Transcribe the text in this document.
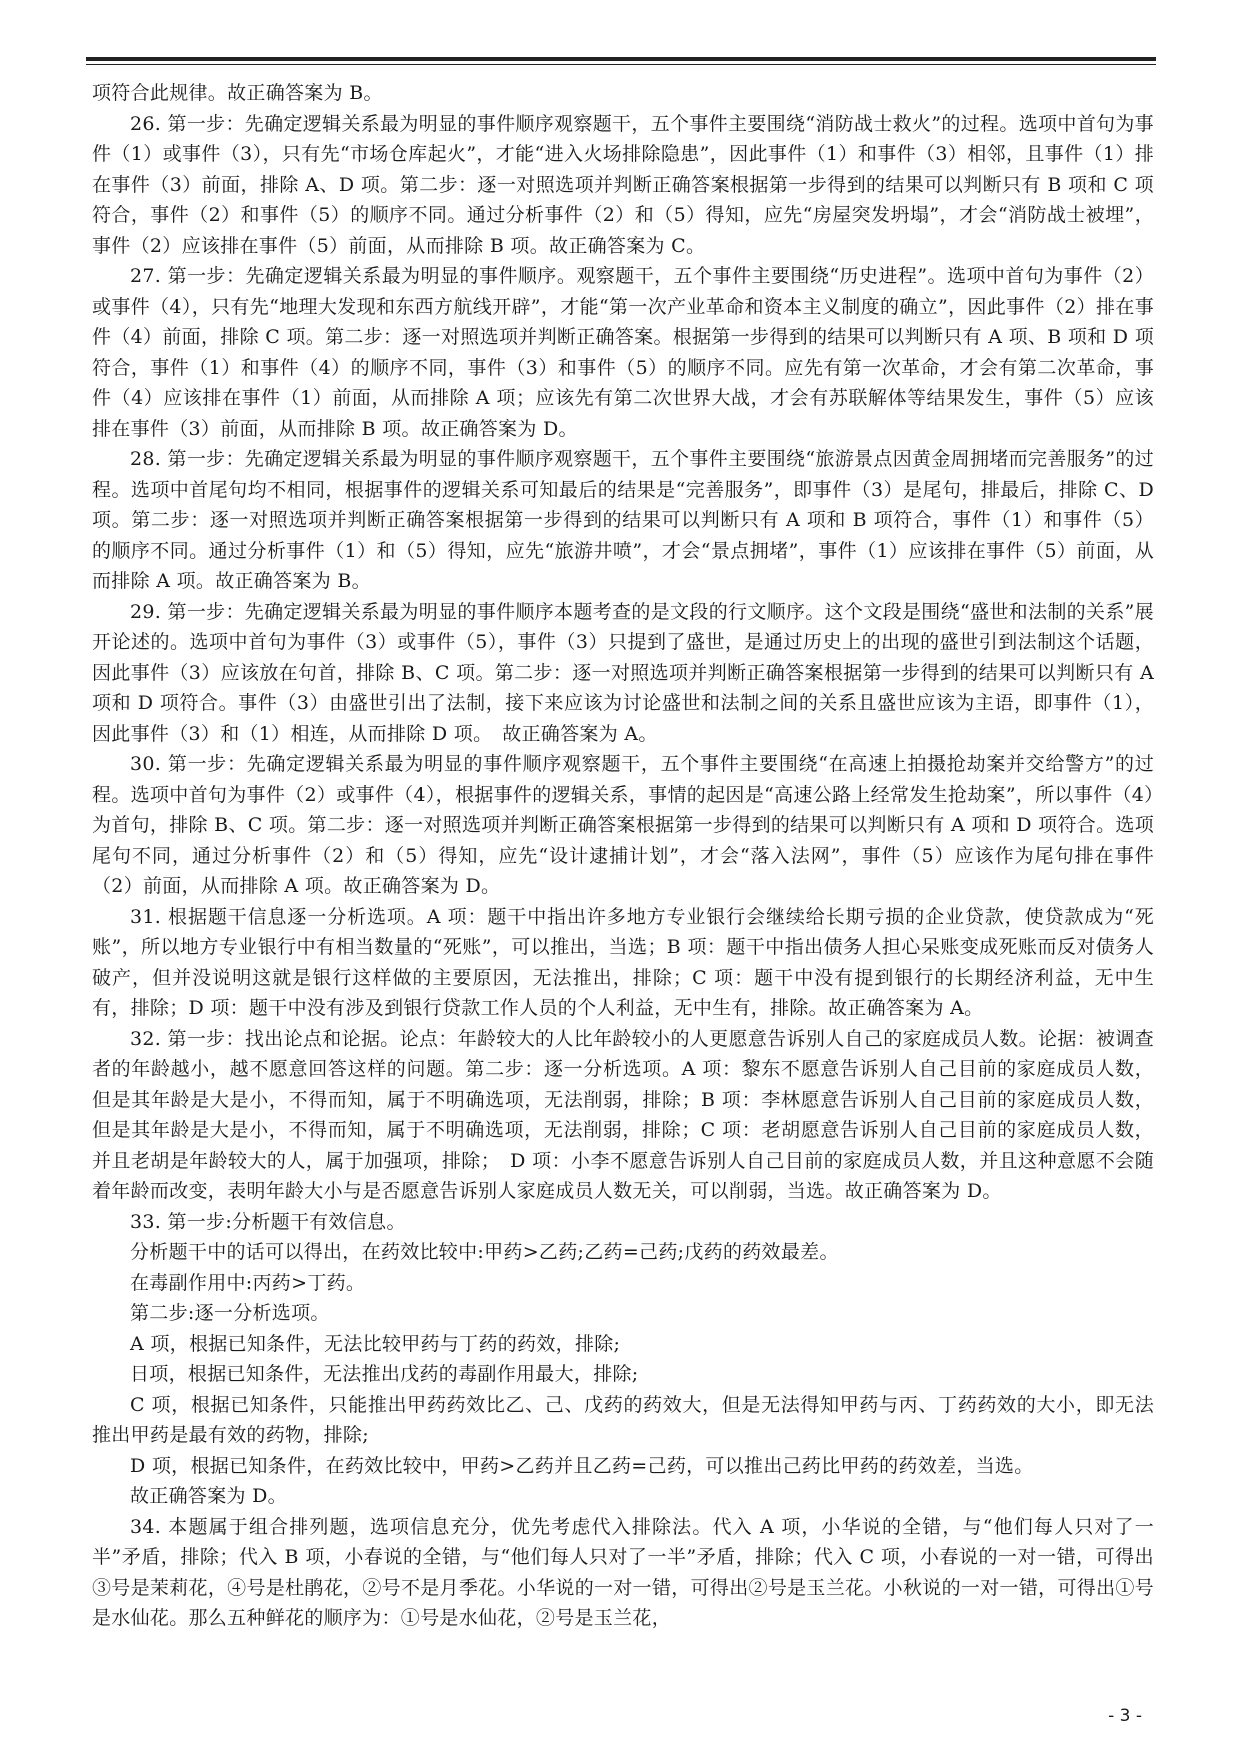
项符合此规律。故正确答案为 B。

26. 第一步：先确定逻辑关系最为明显的事件顺序观察题干，五个事件主要围绕“消防战士救火”的过程。选项中首句为事件（1）或事件（3），只有先“市场仓库起火”，才能“进入火场排除隐患”，因此事件（1）和事件（3）相邻，且事件（1）排在事件（3）前面，排除 A、D 项。第二步：逐一对照选项并判断正确答案根据第一步得到的结果可以判断只有 B 项和 C 项符合，事件（2）和事件（5）的顺序不同。通过分析事件（2）和（5）得知，应先“房屋突发坍塌”，才会“消防战士被埋”，事件（2）应该排在事件（5）前面，从而排除 B 项。故正确答案为 C。

27. 第一步：先确定逻辑关系最为明显的事件顺序。观察题干，五个事件主要围绕“历史进程”。选项中首句为事件（2）或事件（4），只有先“地理大发现和东西方航线开辟”，才能“第一次产业革命和资本主义制度的确立”，因此事件（2）排在事件（4）前面，排除 C 项。第二步：逐一对照选项并判断正确答案。根据第一步得到的结果可以判断只有 A 项、B 项和 D 项符合，事件（1）和事件（4）的顺序不同，事件（3）和事件（5）的顺序不同。应先有第一次革命，才会有第二次革命，事件（4）应该排在事件（1）前面，从而排除 A 项；应该先有第二次世界大战，才会有苏联解体等结果发生，事件（5）应该排在事件（3）前面，从而排除 B 项。故正确答案为 D。

28. 第一步：先确定逻辑关系最为明显的事件顺序观察题干，五个事件主要围绕“旅游景点因黄金周拥堵而完善服务”的过程。选项中首尾句均不相同，根据事件的逻辑关系可知最后的结果是“完善服务”，即事件（3）是尾句，排最后，排除 C、D 项。第二步：逐一对照选项并判断正确答案根据第一步得到的结果可以判断只有 A 项和 B 项符合，事件（1）和事件（5）的顺序不同。通过分析事件（1）和（5）得知，应先“旅游井喷”，才会“景点拥堵”，事件（1）应该排在事件（5）前面，从而排除 A 项。故正确答案为 B。

29. 第一步：先确定逻辑关系最为明显的事件顺序本题考查的是文段的行文顺序。这个文段是围绕“盛世和法制的关系”展开论述的。选项中首句为事件（3）或事件（5），事件（3）只提到了盛世，是通过历史上的出现的盛世引到法制这个话题，因此事件（3）应该放在句首，排除 B、C 项。第二步：逐一对照选项并判断正确答案根据第一步得到的结果可以判断只有 A 项和 D 项符合。事件（3）由盛世引出了法制，接下来应该为讨论盛世和法制之间的关系且盛世应该为主语，即事件（1），因此事件（3）和（1）相连，从而排除 D 项。　故正确答案为 A。

30. 第一步：先确定逻辑关系最为明显的事件顺序观察题干，五个事件主要围绕“在高速上拍摄抢劫案并交给警方”的过程。选项中首句为事件（2）或事件（4），根据事件的逻辑关系，事情的起因是“高速公路上经常发生抢劫案”，所以事件（4）为首句，排除 B、C 项。第二步：逐一对照选项并判断正确答案根据第一步得到的结果可以判断只有 A 项和 D 项符合。选项尾句不同，通过分析事件（2）和（5）得知，应先“设计逮捕计划”，才会“落入法网”，事件（5）应该作为尾句排在事件（2）前面，从而排除 A 项。故正确答案为 D。

31. 根据题干信息逐一分析选项。A 项：题干中指出许多地方专业银行会继续给长期亏损的企业贷款，使贷款成为“死账”，所以地方专业银行中有相当数量的“死账”，可以推出，当选；B 项：题干中指出债务人担心呆账变成死账而反对债务人破产，但并没说明这就是银行这样做的主要原因，无法推出，排除；C 项：题干中没有提到银行的长期经济利益，无中生有，排除；D 项：题干中没有涉及到银行贷款工作人员的个人利益，无中生有，排除。故正确答案为 A。

32. 第一步：找出论点和论据。论点：年龄较大的人比年龄较小的人更愿意告诉别人自己的家庭成员人数。论据：被调查者的年龄越小，越不愿意回答这样的问题。第二步：逐一分析选项。A 项：黎东不愿意告诉别人自己目前的家庭成员人数，但是其年龄是大是小，不得而知，属于不明确选项，无法削弱，排除；B 项：李林愿意告诉别人自己目前的家庭成员人数，但是其年龄是大是小，不得而知，属于不明确选项，无法削弱，排除；C 项：老胡愿意告诉别人自己目前的家庭成员人数，并且老胡是年龄较大的人，属于加强项，排除；　D 项：小李不愿意告诉别人自己目前的家庭成员人数，并且这种意愿不会随着年龄而改变，表明年龄大小与是否愿意告诉别人家庭成员人数无关，可以削弱，当选。故正确答案为 D。

33. 第一步:分析题干有效信息。

分析题干中的话可以得出，在药效比较中:甲药>乙药;乙药=己药;戊药的药效最差。

在毒副作用中:丙药>丁药。

第二步:逐一分析选项。

A 项，根据已知条件，无法比较甲药与丁药的药效，排除;

日项，根据已知条件，无法推出戊药的毒副作用最大，排除;

C 项，根据已知条件，只能推出甲药药效比乙、己、戊药的药效大，但是无法得知甲药与丙、丁药药效的大小，即无法推出甲药是最有效的药物，排除;

D 项，根据已知条件，在药效比较中，甲药>乙药并且乙药=己药，可以推出己药比甲药的药效差，当选。

故正确答案为 D。

34. 本题属于组合排列题，选项信息充分，优先考虑代入排除法。代入 A 项，小华说的全错，与“他们每人只对了一半”矛盾，排除；代入 B 项，小春说的全错，与“他们每人只对了一半”矛盾，排除；代入 C 项，小春说的一对一错，可得出③号是茉莉花，④号是杜鹃花，②号不是月季花。小华说的一对一错，可得出②号是玉兰花。小秋说的一对一错，可得出①号是水仙花。那么五种鲜花的顺序为：①号是水仙花，②号是玉兰花，

- 3 -
